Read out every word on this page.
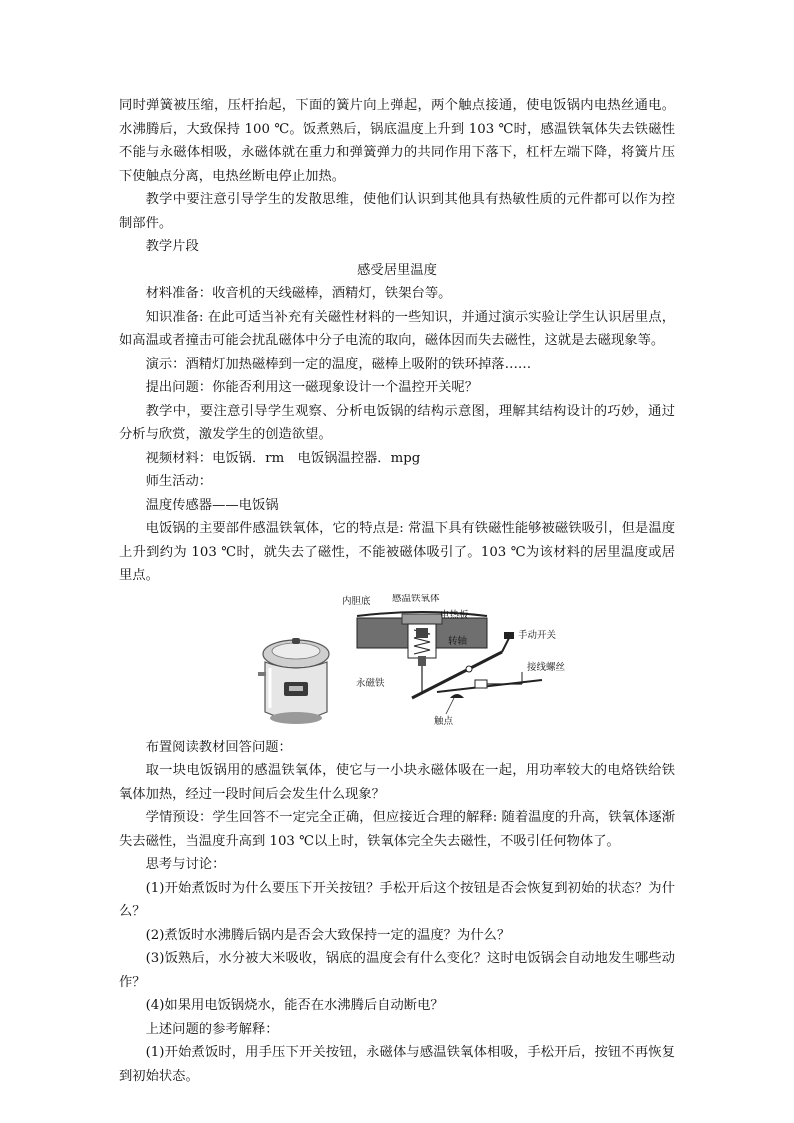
同时弹簧被压缩，压杆抬起，下面的簧片向上弹起，两个触点接通，使电饭锅内电热丝通电。水沸腾后，大致保持 100 ℃。饭煮熟后，锅底温度上升到 103 ℃时，感温铁氧体失去铁磁性不能与永磁体相吸，永磁体就在重力和弹簧弹力的共同作用下落下，杠杆左端下降，将簧片压下使触点分离，电热丝断电停止加热。

教学中要注意引导学生的发散思维，使他们认识到其他具有热敏性质的元件都可以作为控制部件。

教学片段

感受居里温度

材料准备：收音机的天线磁棒，酒精灯，铁架台等。

知识准备: 在此可适当补充有关磁性材料的一些知识，并通过演示实验让学生认识居里点，如高温或者撞击可能会扰乱磁体中分子电流的取向，磁体因而失去磁性，这就是去磁现象等。

演示：酒精灯加热磁棒到一定的温度，磁棒上吸附的铁环掉落……

提出问题：你能否利用这一磁现象设计一个温控开关呢？

教学中，要注意引导学生观察、分析电饭锅的结构示意图，理解其结构设计的巧妙，通过分析与欣赏，激发学生的创造欲望。

视频材料：电饭锅．rm　电饭锅温控器．mpg

师生活动：

温度传感器——电饭锅

电饭锅的主要部件感温铁氧体，它的特点是: 常温下具有铁磁性能够被磁铁吸引，但是温度上升到约为 103 ℃时，就失去了磁性，不能被磁体吸引了。103 ℃为该材料的居里温度或居里点。

内胆底 感温铁氧体
电热板
手动开关
转轴
永磁铁
接线螺丝
触点

布置阅读教材回答问题：

取一块电饭锅用的感温铁氧体，使它与一小块永磁体吸在一起，用功率较大的电烙铁给铁氧体加热，经过一段时间后会发生什么现象？

学情预设：学生回答不一定完全正确，但应接近合理的解释: 随着温度的升高，铁氧体逐渐失去磁性，当温度升高到 103 ℃以上时，铁氧体完全失去磁性，不吸引任何物体了。

思考与讨论：

(1)开始煮饭时为什么要压下开关按钮？手松开后这个按钮是否会恢复到初始的状态？为什么？

(2)煮饭时水沸腾后锅内是否会大致保持一定的温度？为什么？

(3)饭熟后，水分被大米吸收，锅底的温度会有什么变化？这时电饭锅会自动地发生哪些动作？

(4)如果用电饭锅烧水，能否在水沸腾后自动断电？

上述问题的参考解释：

(1)开始煮饭时，用手压下开关按钮，永磁体与感温铁氧体相吸，手松开后，按钮不再恢复到初始状态。
